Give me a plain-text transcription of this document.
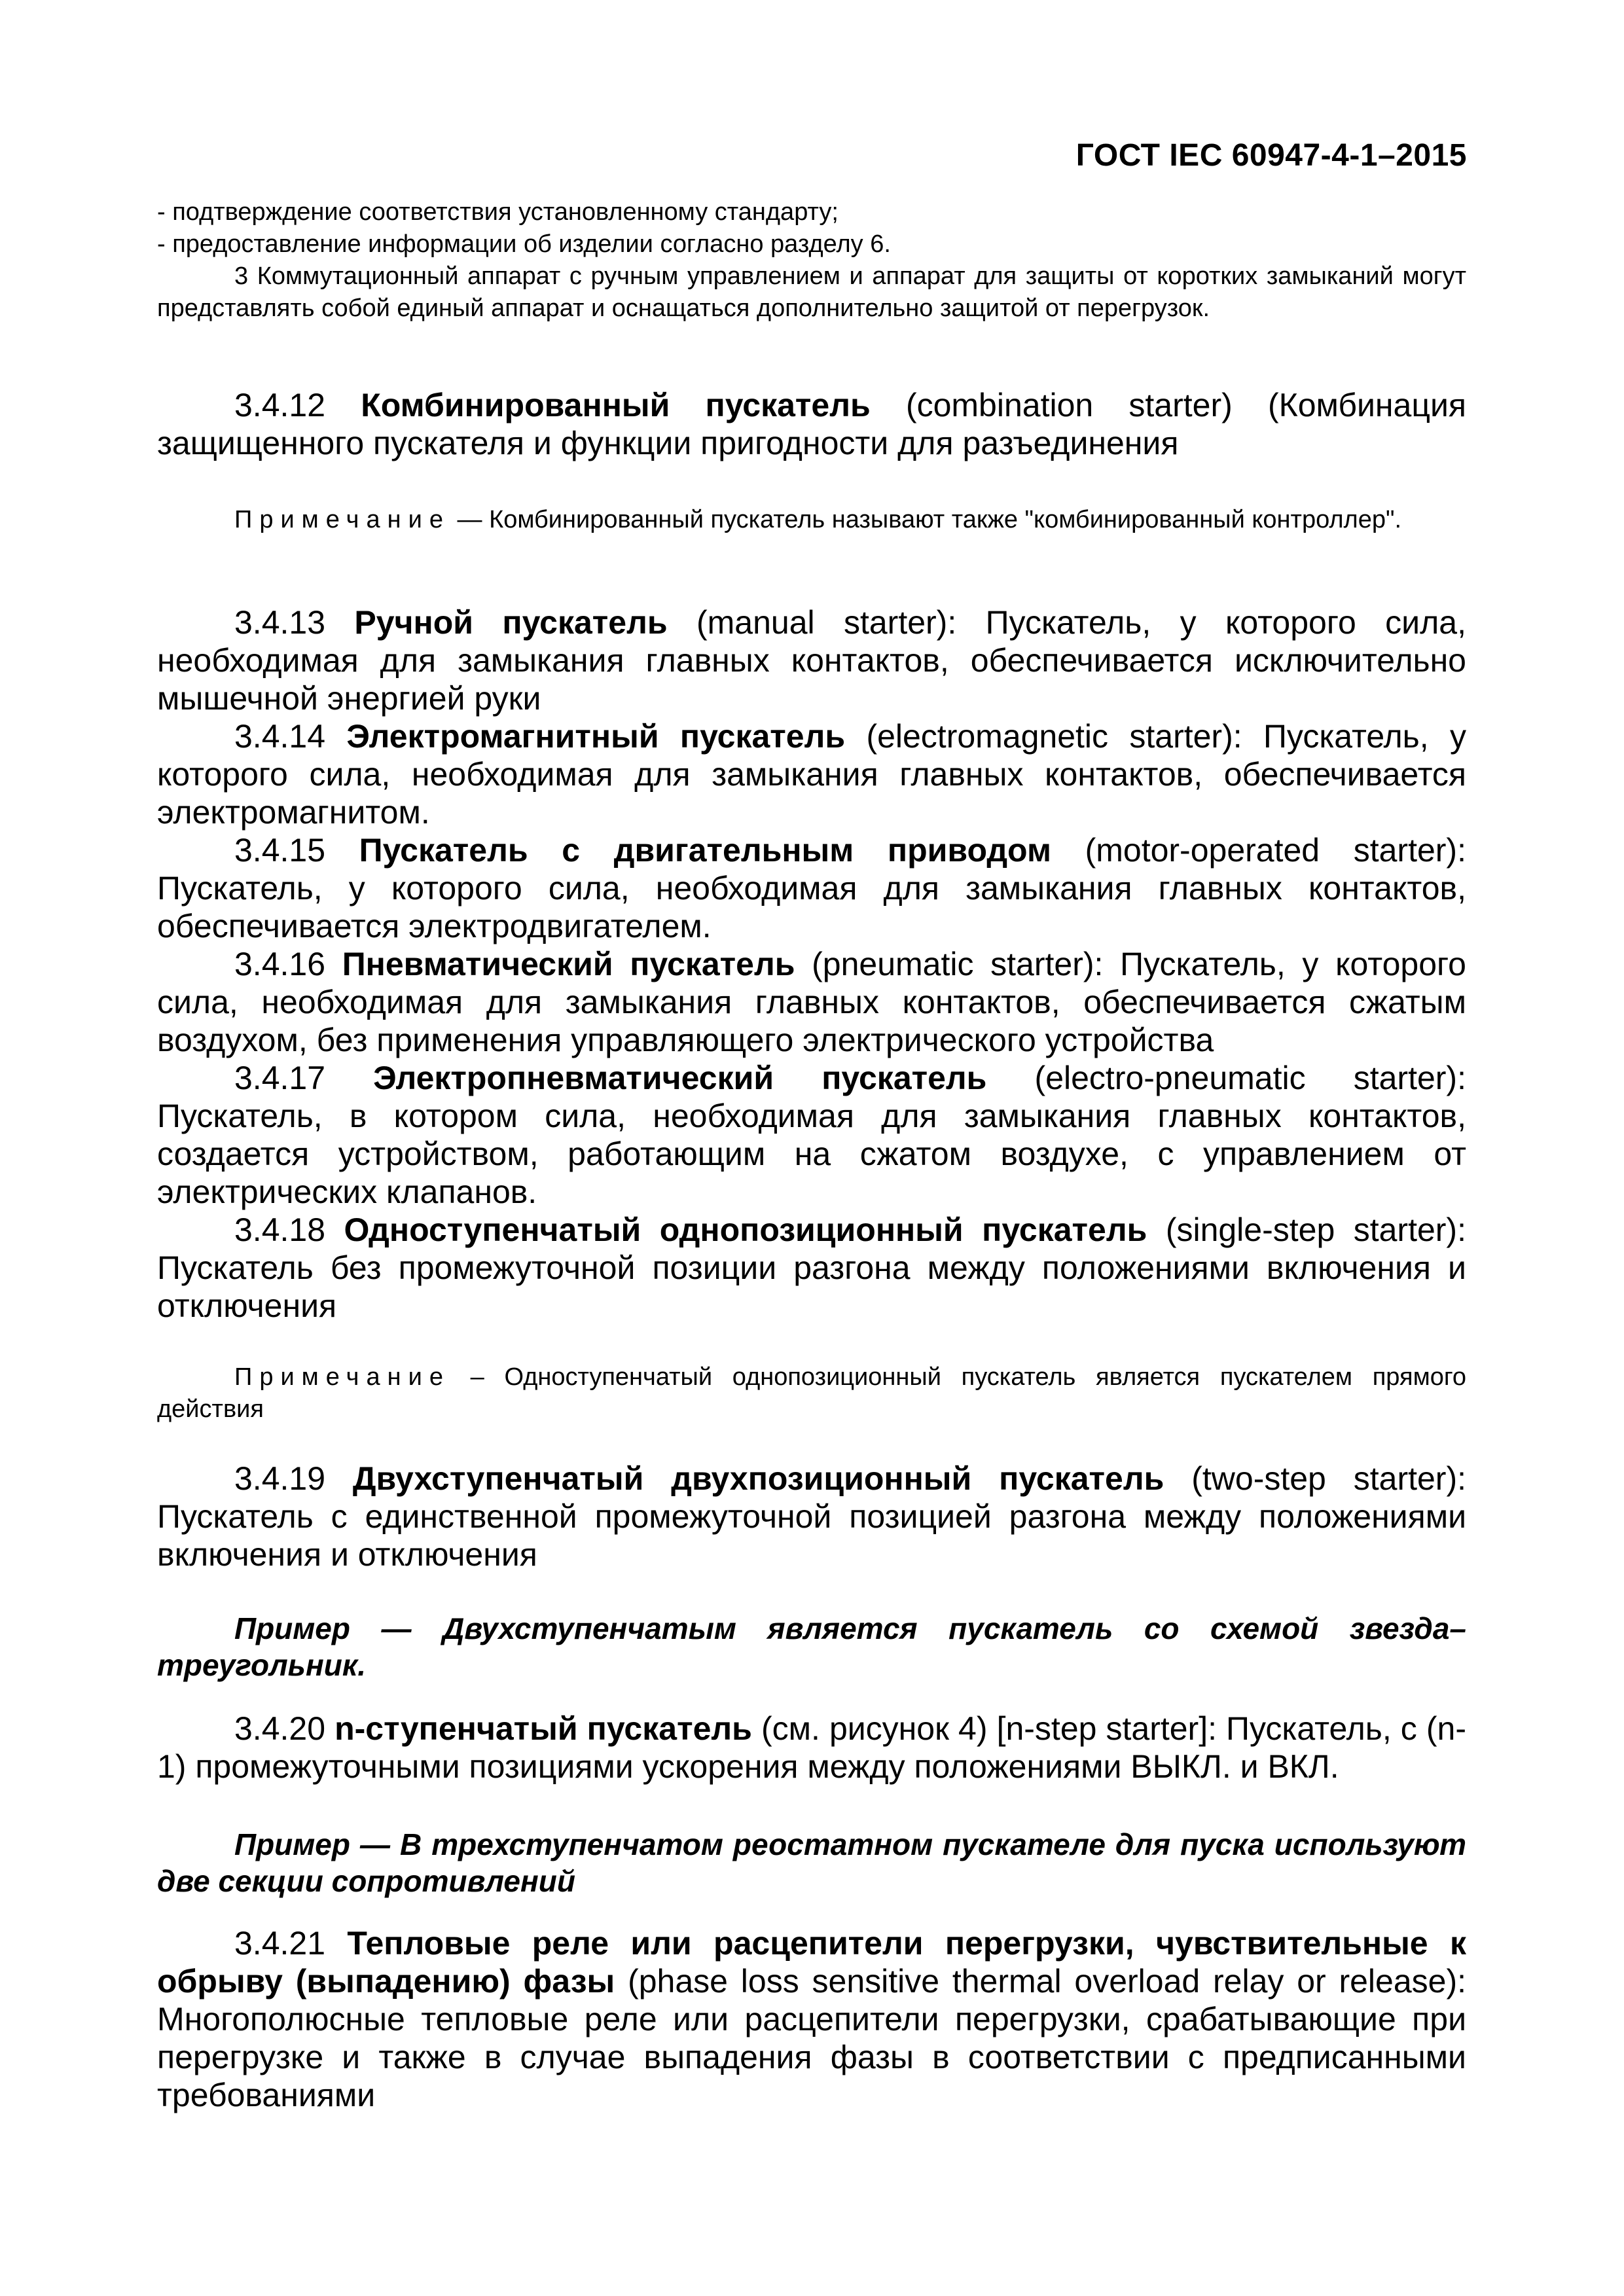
ГОСТ IEC 60947-4-1–2015

- подтверждение соответствия установленному стандарту;

- предоставление информации об изделии согласно разделу 6.

3 Коммутационный аппарат с ручным управлением и аппарат для защиты от коротких замыканий могут представлять собой единый аппарат и оснащаться дополнительно защитой от перегрузок.

3.4.12 Комбинированный пускатель (combination starter) (Комбинация защищенного пускателя и функции пригодности для разъединения

Примечание — Комбинированный пускатель называют также "комбинированный контроллер".

3.4.13 Ручной пускатель (manual starter): Пускатель, у которого сила, необходимая для замыкания главных контактов, обеспечивается исключительно мышечной энергией руки

3.4.14 Электромагнитный пускатель (electromagnetic starter): Пускатель, у которого сила, необходимая для замыкания главных контактов, обеспечивается электромагнитом.

3.4.15 Пускатель с двигательным приводом (motor-operated starter): Пускатель, у которого сила, необходимая для замыкания главных контактов, обеспечивается электродвигателем.

3.4.16 Пневматический пускатель (pneumatic starter): Пускатель, у которого сила, необходимая для замыкания главных контактов, обеспечивается сжатым воздухом, без применения управляющего электрического устройства

3.4.17 Электропневматический пускатель (electro-pneumatic starter): Пускатель, в котором сила, необходимая для замыкания главных контактов, создается устройством, работающим на сжатом воздухе, с управлением от электрических клапанов.

3.4.18 Одноступенчатый однопозиционный пускатель (single-step starter): Пускатель без промежуточной позиции разгона между положениями включения и отключения

Примечание – Одноступенчатый однопозиционный пускатель является пускателем прямого действия

3.4.19 Двухступенчатый двухпозиционный пускатель (two-step starter): Пускатель с единственной промежуточной позицией разгона между положениями включения и отключения

Пример — Двухступенчатым является пускатель со схемой звезда–треугольник.

3.4.20 n-ступенчатый пускатель (см. рисунок 4) [n-step starter]: Пускатель, с (n-1) промежуточными позициями ускорения между положениями ВЫКЛ. и ВКЛ.

Пример — В трехступенчатом реостатном пускателе для пуска используют две секции сопротивлений

3.4.21 Тепловые реле или расцепители перегрузки, чувствительные к обрыву (выпадению) фазы (phase loss sensitive thermal overload relay or release): Многополюсные тепловые реле или расцепители перегрузки, срабатывающие при перегрузке и также в случае выпадения фазы в соответствии с предписанными требованиями
